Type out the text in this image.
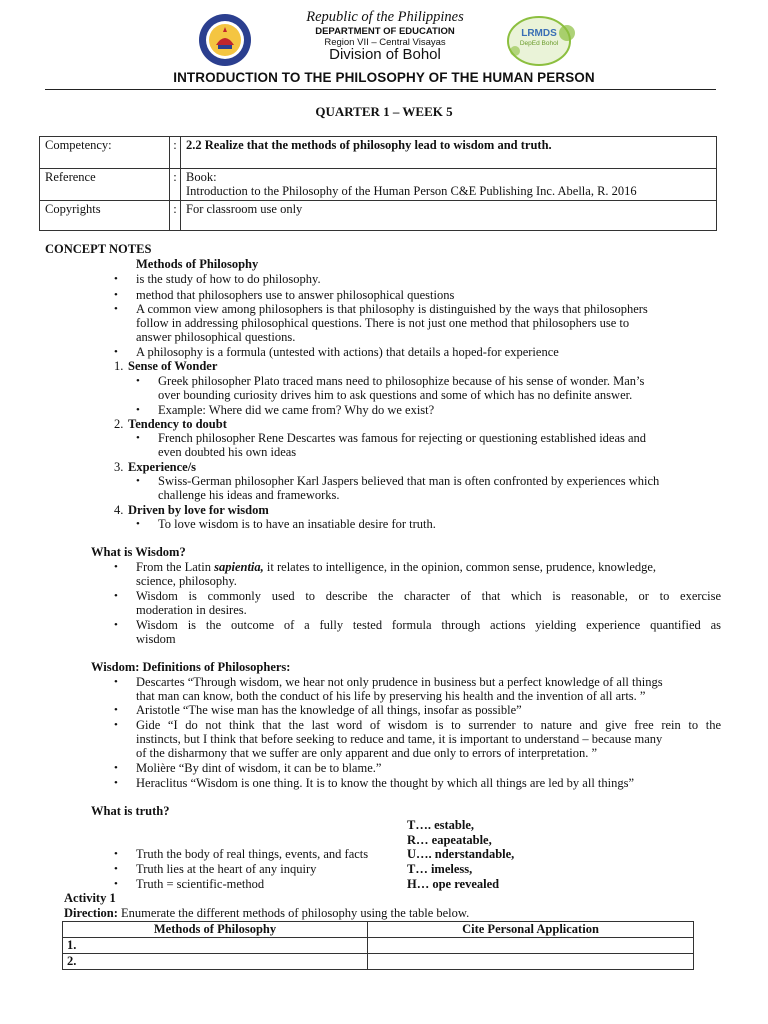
LRMDS
DepEd Bohol
Republic of the Philippines
DEPARTMENT OF EDUCATION
Region VII – Central Visayas
Division of Bohol
INTRODUCTION TO THE PHILOSOPHY OF THE HUMAN PERSON
QUARTER 1 – WEEK 5
Competency:	:	2.2 Realize that the methods of philosophy lead to wisdom and truth.
Reference	:	Book:
Introduction to the Philosophy of the Human Person C&E Publishing Inc. Abella, R. 2016

Copyrights	:	For classroom use only
CONCEPT NOTES
Methods of Philosophy
• is the study of how to do philosophy.
• method that philosophers use to answer philosophical questions
• A common view among philosophers is that philosophy is distinguished by the ways that philosophers
follow in addressing philosophical questions. There is not just one method that philosophers use to
answer philosophical questions.
• A philosophy is a formula (untested with actions) that details a hoped-for experience
1. Sense of Wonder
• Greek philosopher Plato traced mans need to philosophize because of his sense of wonder. Man’s
over bounding curiosity drives him to ask questions and some of which has no definite answer.
• Example: Where did we came from? Why do we exist?
2. Tendency to doubt
• French philosopher Rene Descartes was famous for rejecting or questioning established ideas and
even doubted his own ideas
3. Experience/s
• Swiss-German philosopher Karl Jaspers believed that man is often confronted by experiences which
challenge his ideas and frameworks.
4. Driven by love for wisdom
• To love wisdom is to have an insatiable desire for truth.
What is Wisdom?
• From the Latin sapientia, it relates to intelligence, in the opinion, common sense, prudence, knowledge,
science, philosophy.
• Wisdom is commonly used to describe the character of that which is reasonable, or to exercise
moderation in desires.
• Wisdom is the outcome of a fully tested formula through actions yielding experience quantified as
wisdom
Wisdom: Definitions of Philosophers:
• Descartes “Through wisdom, we hear not only prudence in business but a perfect knowledge of all things
that man can know, both the conduct of his life by preserving his health and the invention of all arts. ”
• Aristotle “The wise man has the knowledge of all things, insofar as possible”
• Gide “I do not think that the last word of wisdom is to surrender to nature and give free rein to the
instincts, but I think that before seeking to reduce and tame, it is important to understand – because many
of the disharmony that we suffer are only apparent and due only to errors of interpretation. ”
• Molière “By dint of wisdom, it can be to blame.”
• Heraclitus “Wisdom is one thing. It is to know the thought by which all things are led by all things”
What is truth?
T…. estable,
R… eapeatable,
U…. nderstandable,
T… imeless,
H… ope revealed
• Truth the body of real things, events, and facts
• Truth lies at the heart of any inquiry
• Truth = scientific-method
Activity 1
Direction: Enumerate the different methods of philosophy using the table below.
Methods of Philosophy	Cite Personal Application
1.	
2.	
